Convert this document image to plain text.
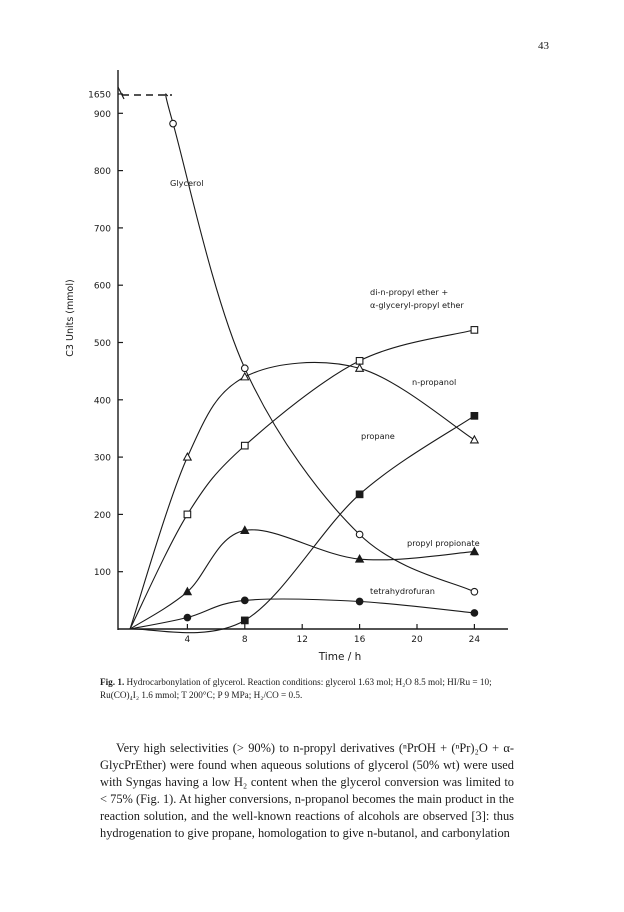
43
100
200
300
400
500
600
700
800
900
1650
4	8	12	16	20	24
Time / h
C3 Units (mmol)
Glycerol
di-n-propyl ether +
α-glyceryl-propyl ether
n-propanol
propane
propyl propionate
tetrahydrofuran
Fig. 1. Hydrocarbonylation of glycerol. Reaction conditions: glycerol 1.63 mol; H₂O 8.5 mol; HI/Ru = 10; Ru(CO)₄I₂ 1.6 mmol; T 200°C; P 9 MPa; H₂/CO = 0.5.

Very high selectivities (> 90%) to n-propyl derivatives (ⁿPrOH + (ⁿPr)₂O + α-GlycPrEther) were found when aqueous solutions of glycerol (50% wt) were used with Syngas having a low H₂ content when the glycerol conversion was limited to < 75% (Fig. 1). At higher conversions, n-propanol becomes the main product in the reaction solution, and the well-known reactions of alcohols are observed [3]: thus hydrogenation to give propane, homologation to give n-butanol, and carbonylation
